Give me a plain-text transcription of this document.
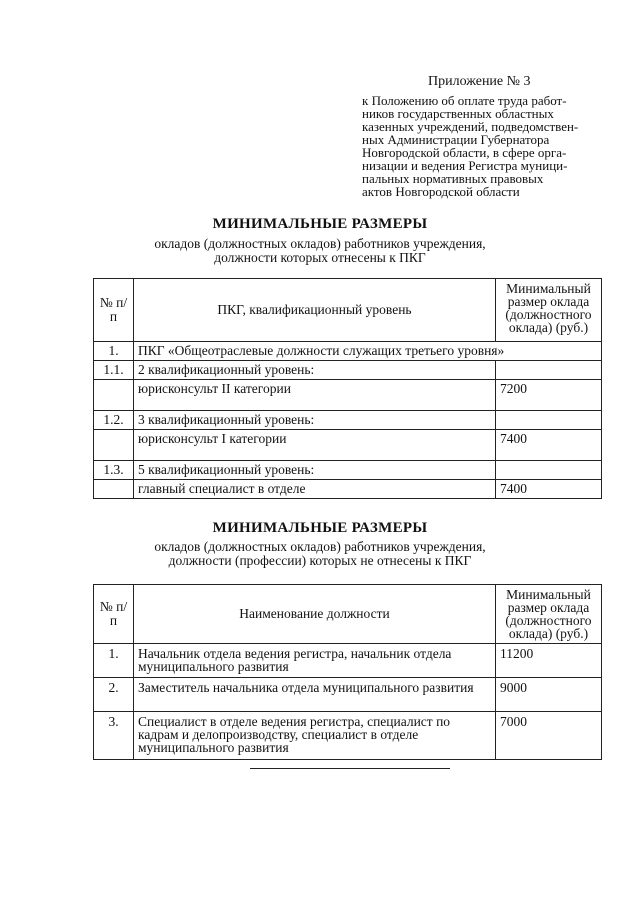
Приложение № 3
к Положению об оплате труда работ-
ников государственных областных
казенных учреждений, подведомствен-
ных Администрации Губернатора
Новгородской области, в сфере орга-
низации и ведения Регистра муници-
пальных нормативных правовых
актов Новгородской области
МИНИМАЛЬНЫЕ РАЗМЕРЫ
окладов (должностных окладов) работников учреждения,
должности которых отнесены к ПКГ
№ п/п	ПКГ, квалификационный уровень	Минимальный размер оклада (должностного оклада) (руб.)
1.	ПКГ «Общеотраслевые должности служащих третьего уровня»	
1.1.	2 квалификационный уровень:	
	юрисконсульт II категории	7200
1.2.	3 квалификационный уровень:	
	юрисконсульт I категории	7400
1.3.	5 квалификационный уровень:	
	главный специалист в отделе	7400
МИНИМАЛЬНЫЕ РАЗМЕРЫ
окладов (должностных окладов) работников учреждения,
должности (профессии) которых не отнесены к ПКГ
№ п/п	Наименование должности	Минимальный размер оклада (должностного оклада) (руб.)
1.	Начальник отдела ведения регистра, начальник отдела муниципального развития	11200
2.	Заместитель начальника отдела муниципального развития	9000
3.	Специалист в отделе ведения регистра, специалист по кадрам и делопроизводству, специалист в отделе муниципального развития	7000
